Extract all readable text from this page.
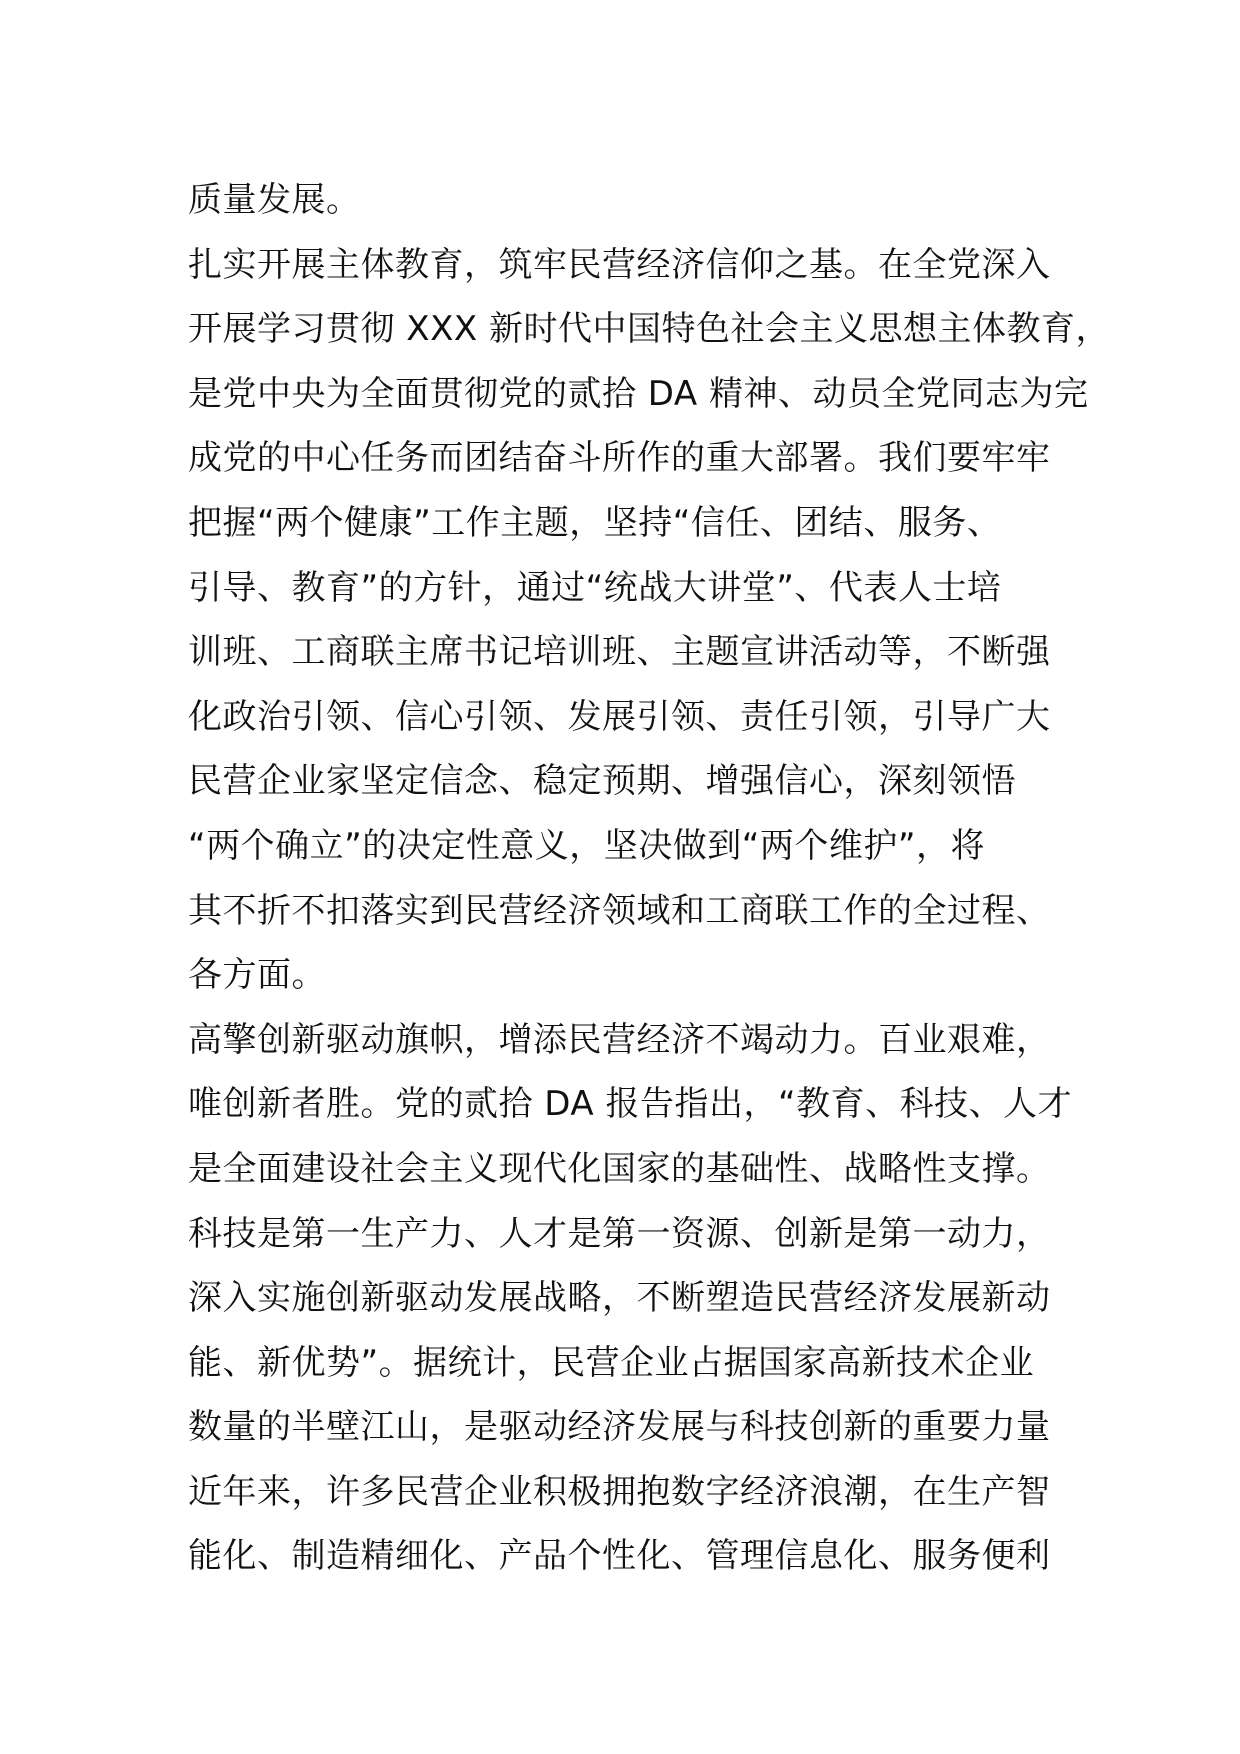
质量发展。
扎实开展主体教育，筑牢民营经济信仰之基。在全党深入
开展学习贯彻 XXX 新时代中国特色社会主义思想主体教育，
是党中央为全面贯彻党的贰拾 DA 精神、动员全党同志为完
成党的中心任务而团结奋斗所作的重大部署。我们要牢牢
把握“两个健康”工作主题，坚持“信任、团结、服务、
引导、教育”的方针，通过“统战大讲堂”、代表人士培
训班、工商联主席书记培训班、主题宣讲活动等，不断强
化政治引领、信心引领、发展引领、责任引领，引导广大
民营企业家坚定信念、稳定预期、增强信心，深刻领悟
“两个确立”的决定性意义，坚决做到“两个维护”，将
其不折不扣落实到民营经济领域和工商联工作的全过程、
各方面。
高擎创新驱动旗帜，增添民营经济不竭动力。百业艰难，
唯创新者胜。党的贰拾 DA 报告指出，“教育、科技、人才
是全面建设社会主义现代化国家的基础性、战略性支撑。
科技是第一生产力、人才是第一资源、创新是第一动力，
深入实施创新驱动发展战略，不断塑造民营经济发展新动
能、新优势”。据统计，民营企业占据国家高新技术企业
数量的半壁江山，是驱动经济发展与科技创新的重要力量
近年来，许多民营企业积极拥抱数字经济浪潮，在生产智
能化、制造精细化、产品个性化、管理信息化、服务便利
